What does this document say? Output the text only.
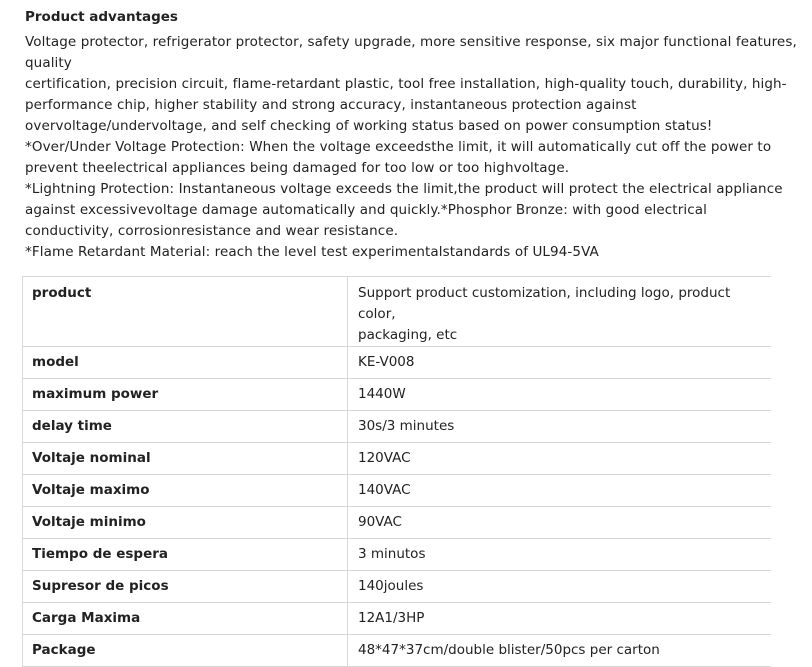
Product advantages
Voltage protector, refrigerator protector, safety upgrade, more sensitive response, six major functional features,
quality
certification, precision circuit, flame-retardant plastic, tool free installation, high-quality touch, durability, high-
performance chip, higher stability and strong accuracy, instantaneous protection against
overvoltage/undervoltage, and self checking of working status based on power consumption status!
*Over/Under Voltage Protection: When the voltage exceedsthe limit, it will automatically cut off the power to
prevent theelectrical appliances being damaged for too low or too highvoltage.
*Lightning Protection: Instantaneous voltage exceeds the limit,the product will protect the electrical appliance
against excessivevoltage damage automatically and quickly.*Phosphor Bronze: with good electrical
conductivity, corrosionresistance and wear resistance.
*Flame Retardant Material: reach the level test experimentalstandards of UL94-5VA
product	Support product customization, including logo, product color,
packaging, etc

model	KE-V008
maximum power	1440W
delay time	30s/3 minutes
Voltaje nominal	120VAC
Voltaje maximo	140VAC
Voltaje minimo	90VAC
Tiempo de espera	3 minutos
Supresor de picos	140joules
Carga Maxima	12A1/3HP
Package	48*47*37cm/double blister/50pcs per carton
